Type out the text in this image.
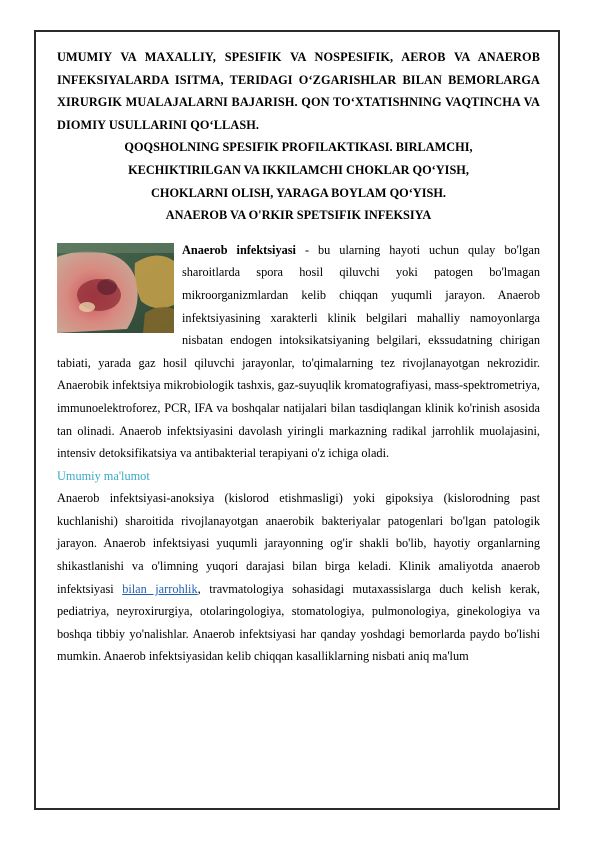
UMUMIY VA MAXALLIY, SPESIFIK VA NOSPESIFIK, AEROB VA ANAEROB INFEKSIYALARDA ISITMA, TERIDAGI O‘ZGARISHLAR BILAN BEMORLARGA XIRURGIK MUALAJALARNI BAJARISH. QON TO‘XTATISHNING VAQTINCHA VA DIOMIY USULLARINI QO‘LLASH.
QOQSHOLNING SPESIFIK PROFILAKTIKASI. BIRLAMCHI,
KECHIKTIRILGAN VA IKKILAMCHI CHOKLAR QO‘YISH,
CHOKLARNI OLISH, YARAGA BOYLAM QO‘YISH.
ANAEROB VA O'RKIR SPETSIFIK INFEKSIYA

Anaerob infektsiyasi - bu ularning hayoti uchun qulay bo'lgan sharoitlarda spora hosil qiluvchi yoki patogen bo'lmagan mikroorganizmlardan kelib chiqqan yuqumli jarayon. Anaerob infektsiyasining xarakterli klinik belgilari mahalliy namoyonlarga nisbatan endogen intoksikatsiyaning belgilari, ekssudatning chirigan tabiati, yarada gaz hosil qiluvchi jarayonlar, to'qimalarning tez rivojlanayotgan nekrozidir. Anaerobik infektsiya mikrobiologik tashxis, gaz-suyuqlik kromatografiyasi, mass-spektrometriya, immunoelektroforez, PCR, IFA va boshqalar natijalari bilan tasdiqlangan klinik ko'rinish asosida tan olinadi. Anaerob infektsiyasini davolash yiringli markazning radikal jarrohlik muolajasini, intensiv detoksifikatsiya va antibakterial terapiyani o'z ichiga oladi.

Umumiy ma'lumot

Anaerob infektsiyasi-anoksiya (kislorod etishmasligi) yoki gipoksiya (kislorodning past kuchlanishi) sharoitida rivojlanayotgan anaerobik bakteriyalar patogenlari bo'lgan patologik jarayon. Anaerob infektsiyasi yuqumli jarayonning og'ir shakli bo'lib, hayotiy organlarning shikastlanishi va o'limning yuqori darajasi bilan birga keladi. Klinik amaliyotda anaerob infektsiyasi bilan jarrohlik, travmatologiya sohasidagi mutaxassislarga duch kelish kerak, pediatriya, neyroxirurgiya, otolaringologiya, stomatologiya, pulmonologiya, ginekologiya va boshqa tibbiy yo'nalishlar. Anaerob infektsiyasi har qanday yoshdagi bemorlarda paydo bo'lishi mumkin. Anaerob infektsiyasidan kelib chiqqan kasalliklarning nisbati aniq ma'lum
